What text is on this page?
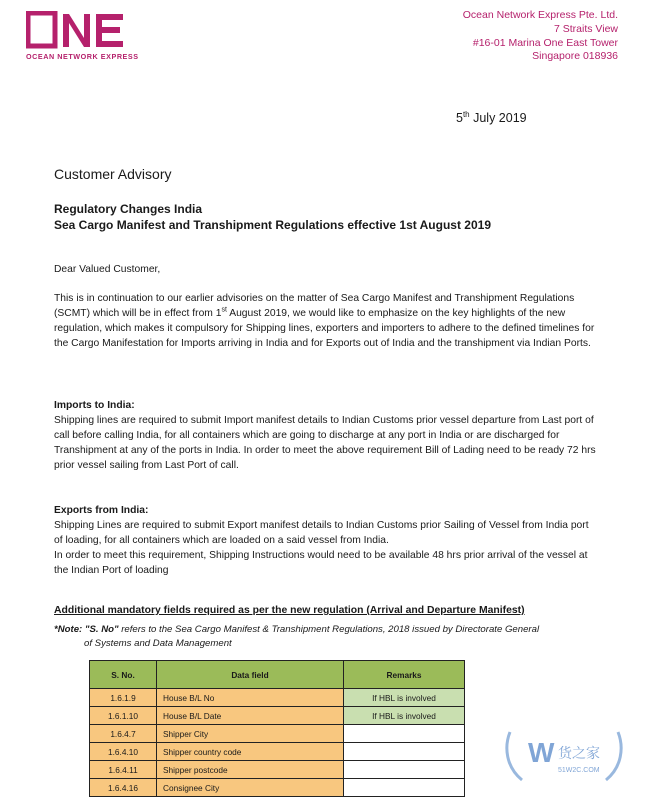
OCEAN NETWORK EXPRESS
Ocean Network Express Pte. Ltd.
7 Straits View
#16-01 Marina One East Tower
Singapore 018936
5th July 2019
Customer Advisory
Regulatory Changes India
Sea Cargo Manifest and Transhipment Regulations effective 1st August 2019
Dear Valued Customer,
This is in continuation to our earlier advisories on the matter of Sea Cargo Manifest and Transhipment Regulations (SCMT) which will be in effect from 1st August 2019, we would like to emphasize on the key highlights of the new regulation, which makes it compulsory for Shipping lines, exporters and importers to adhere to the defined timelines for the Cargo Manifestation for Imports arriving in India and for Exports out of India and the transhipment via Indian Ports.
Imports to India:
Shipping lines are required to submit Import manifest details to Indian Customs prior vessel departure from Last port of call before calling India, for all containers which are going to discharge at any port in India or are discharged for Transhipment at any of the ports in India. In order to meet the above requirement Bill of Lading need to be ready 72 hrs prior vessel sailing from Last Port of call.
Exports from India:
Shipping Lines are required to submit Export manifest details to Indian Customs prior Sailing of Vessel from India port of loading, for all containers which are loaded on a said vessel from India.
In order to meet this requirement, Shipping Instructions would need to be available 48 hrs prior arrival of the vessel at the Indian Port of loading
Additional mandatory fields required as per the new regulation (Arrival and Departure Manifest)
*Note: "S. No" refers to the Sea Cargo Manifest & Transhipment Regulations, 2018 issued by Directorate General
of Systems and Data Management
S. No.	Data field	Remarks
1.6.1.9	House B/L No	If HBL is involved
1.6.1.10	House B/L Date	If HBL is involved
1.6.4.7	Shipper City	
1.6.4.10	Shipper country code	
1.6.4.11	Shipper postcode	
1.6.4.16	Consignee City	
W 货之家
51W2C.COM
